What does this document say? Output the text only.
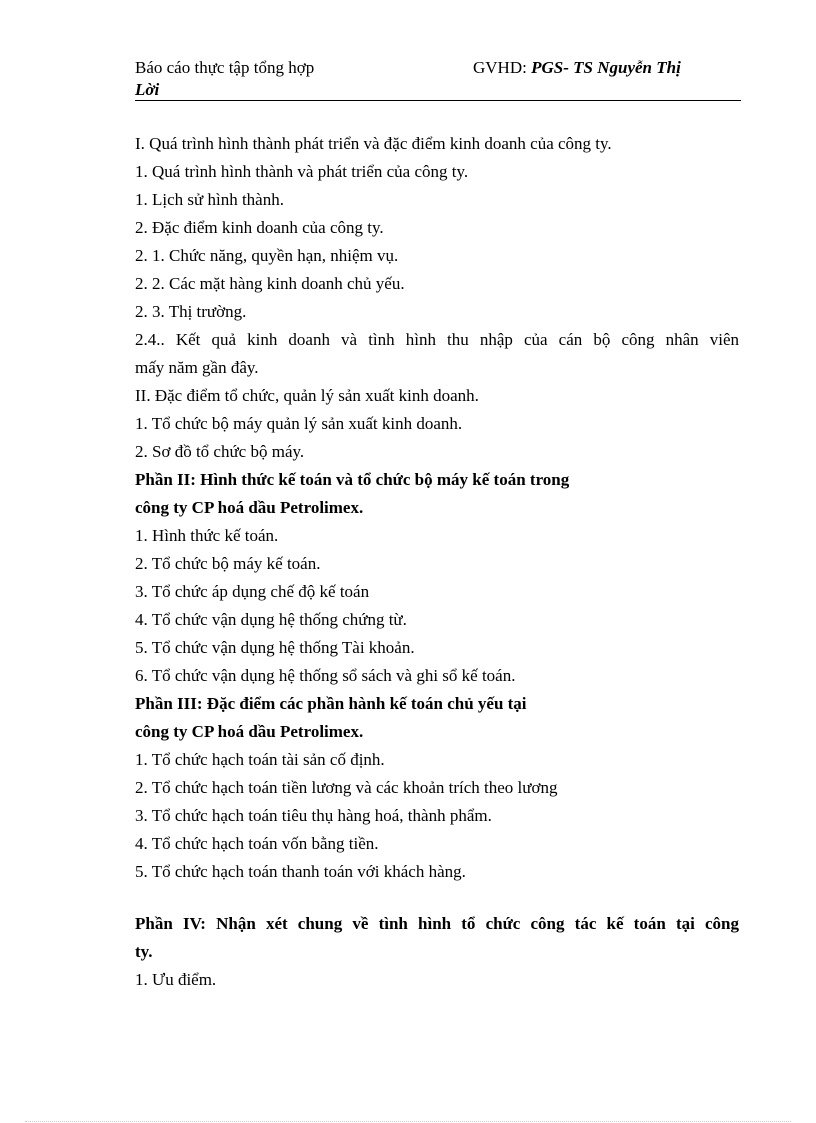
Báo cáo thực tập tổng hợp	GVHD: PGS- TS Nguyễn Thị
Lời
I. Quá trình hình thành phát triển và đặc điểm kinh doanh của công ty.
1. Quá trình hình thành và phát triển của công ty.
1. Lịch sử hình thành.
2. Đặc điểm kinh doanh của công ty.
2. 1. Chức năng, quyền hạn, nhiệm vụ.
2. 2. Các mặt hàng kinh doanh chủ yếu.
2. 3. Thị trường.
2.4.. Kết quả kinh doanh và tình hình thu nhập của cán bộ công nhân viên
mấy năm gần đây.
II. Đặc điểm tổ chức, quản lý sản xuất kinh doanh.
1. Tổ chức bộ máy quản lý sản xuất kinh doanh.
2. Sơ đồ tổ chức bộ máy.
Phần II: Hình thức kế toán và tổ chức bộ máy kế toán trong
công ty CP hoá dầu Petrolimex.
1. Hình thức kế toán.
2. Tổ chức bộ máy kế toán.
3. Tổ chức áp dụng chế độ kế toán
4. Tổ chức vận dụng hệ thống chứng từ.
5. Tổ chức vận dụng hệ thống Tài khoản.
6. Tổ chức vận dụng hệ thống sổ sách và ghi sổ kế toán.
Phần III: Đặc điểm các phần hành kế toán chủ yếu tại
công ty CP hoá dầu Petrolimex.
1. Tổ chức hạch toán tài sản cố định.
2. Tổ chức hạch toán tiền lương và các khoản trích theo lương
3. Tổ chức hạch toán tiêu thụ hàng hoá, thành phẩm.
4. Tổ chức hạch toán vốn bằng tiền.
5. Tổ chức hạch toán thanh toán với khách hàng.
Phần IV: Nhận xét chung về tình hình tổ chức công tác kế toán tại công
ty.
1. Ưu điểm.
